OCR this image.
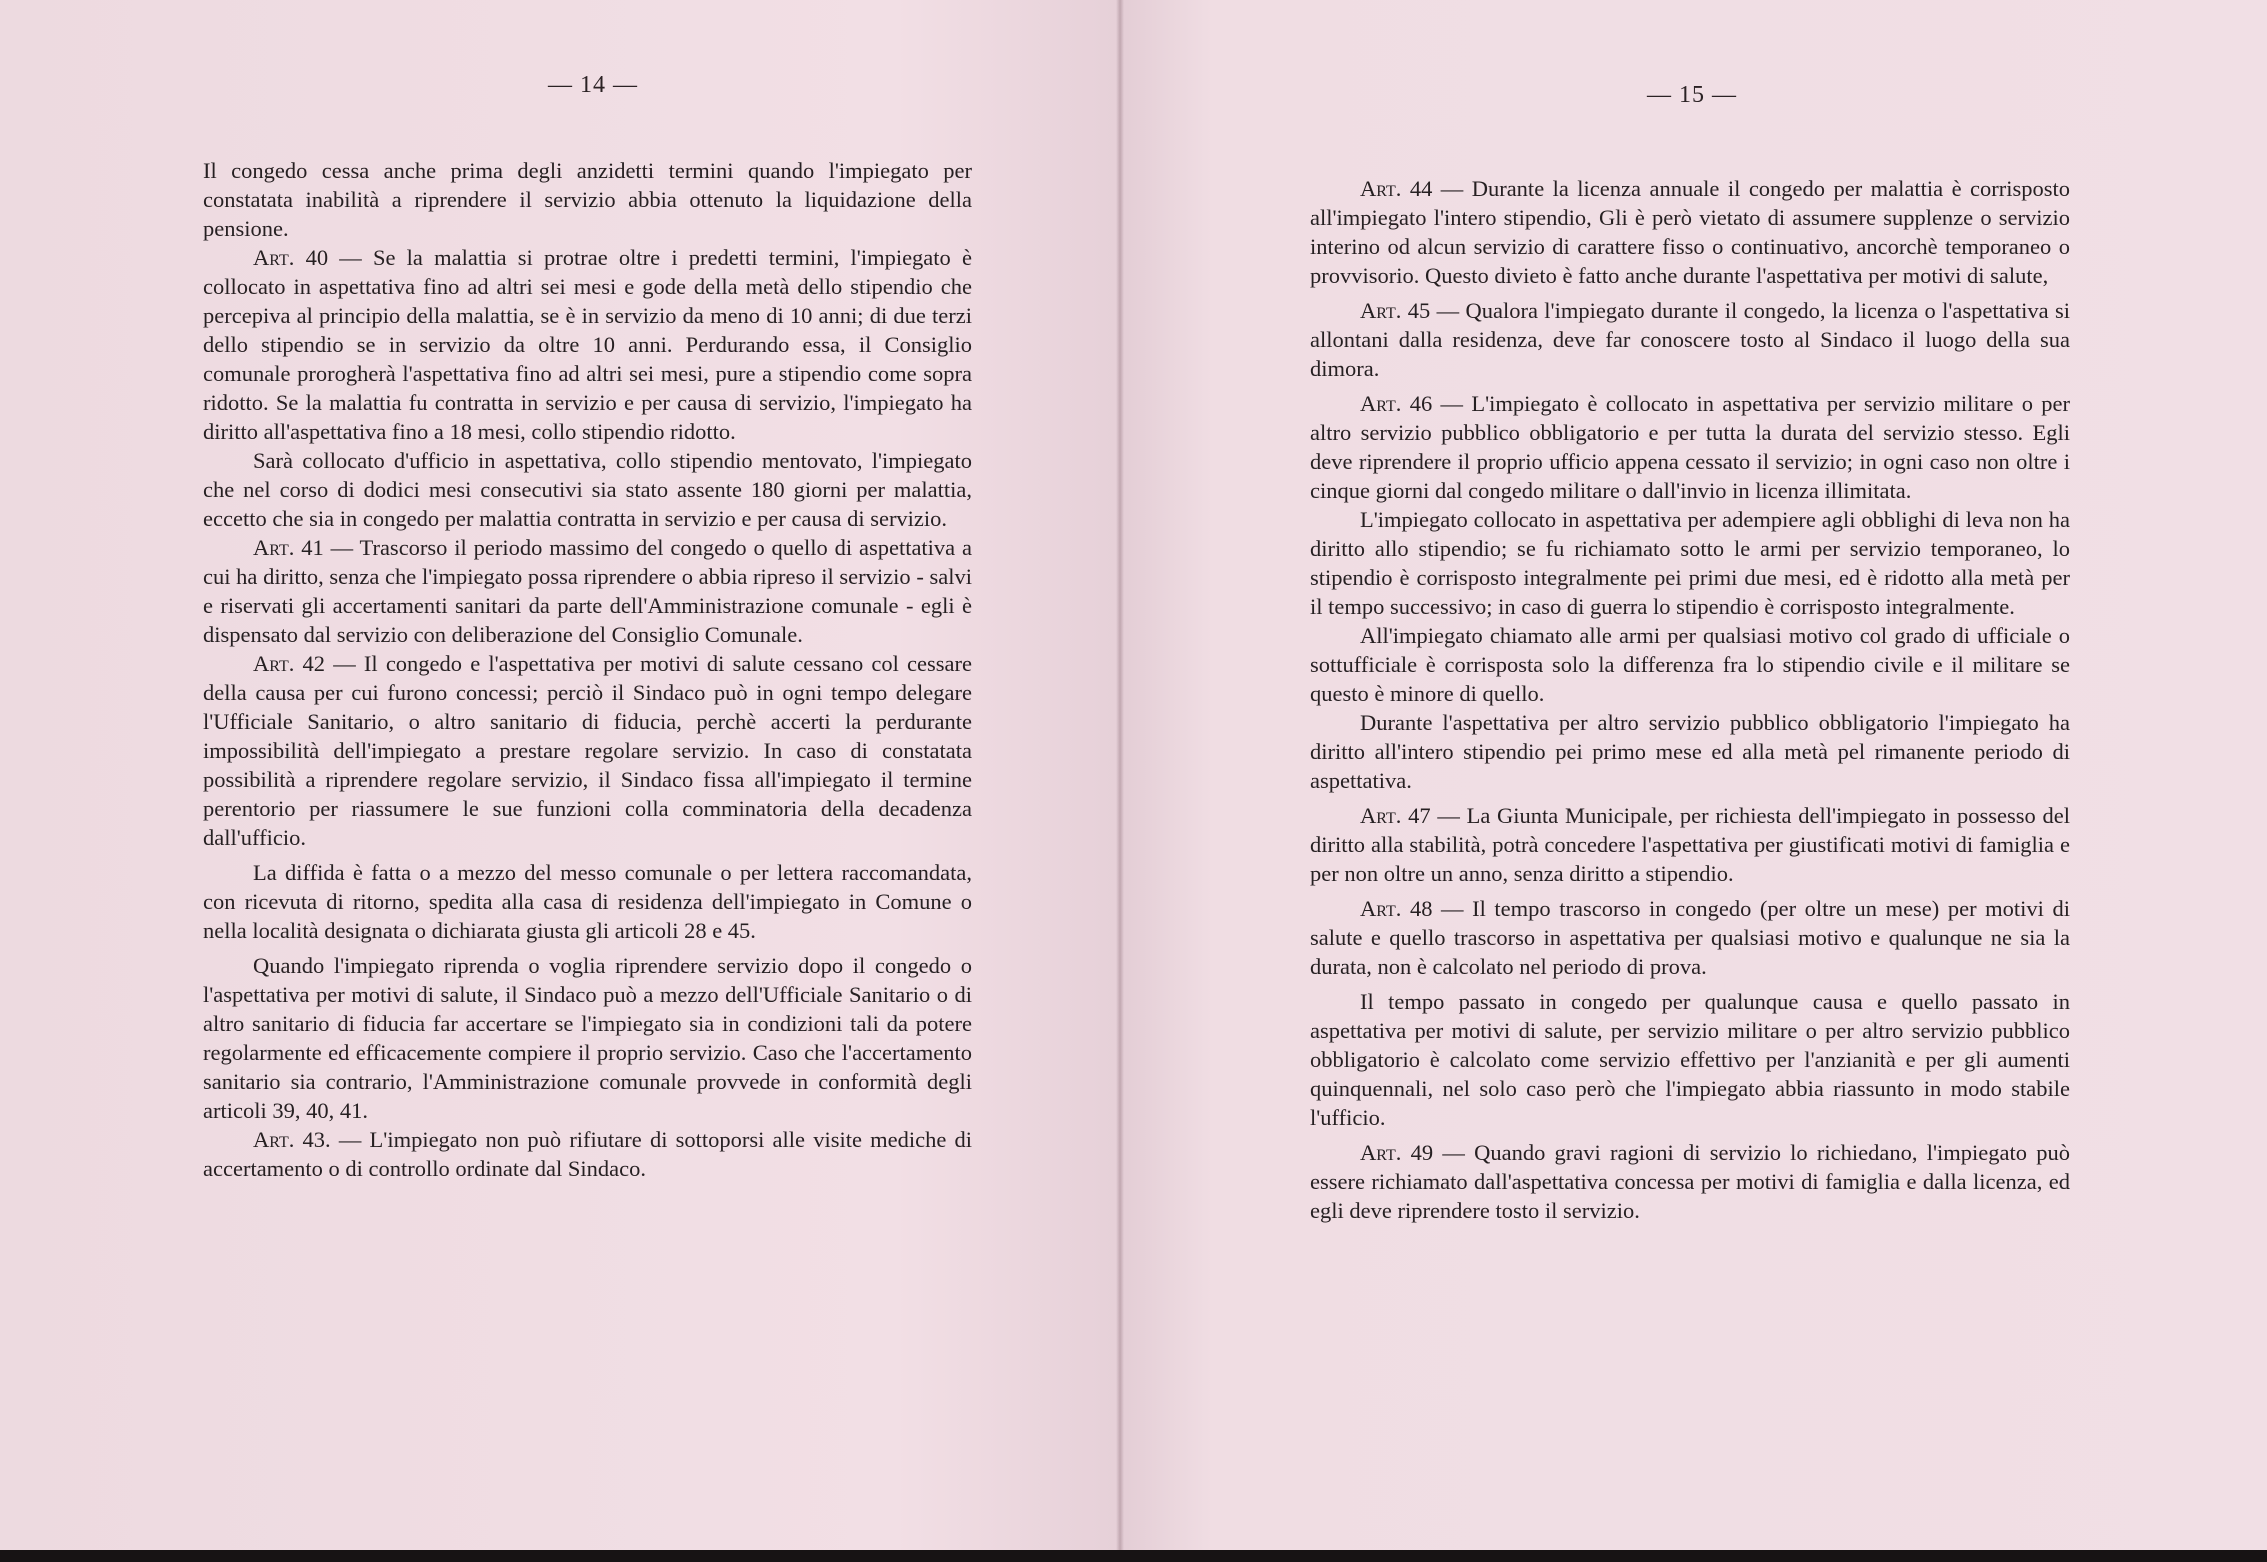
— 14 —

Il congedo cessa anche prima degli anzidetti termini quando l'impiegato per constatata inabilità a riprendere il servizio abbia ottenuto la liquidazione della pensione.

Art. 40 — Se la malattia si protrae oltre i predetti termini, l'impiegato è collocato in aspettativa fino ad altri sei mesi e gode della metà dello stipendio che percepiva al principio della malattia, se è in servizio da meno di 10 anni; di due terzi dello stipendio se in servizio da oltre 10 anni. Perdurando essa, il Consiglio comunale prorogherà l'aspettativa fino ad altri sei mesi, pure a stipendio come sopra ridotto. Se la malattia fu contratta in servizio e per causa di servizio, l'impiegato ha diritto all'aspettativa fino a 18 mesi, collo stipendio ridotto.

Sarà collocato d'ufficio in aspettativa, collo stipendio mentovato, l'impiegato che nel corso di dodici mesi consecutivi sia stato assente 180 giorni per malattia, eccetto che sia in congedo per malattia contratta in servizio e per causa di servizio.

Art. 41 — Trascorso il periodo massimo del congedo o quello di aspettativa a cui ha diritto, senza che l'impiegato possa riprendere o abbia ripreso il servizio - salvi e riservati gli accertamenti sanitari da parte dell'Amministrazione comunale - egli è dispensato dal servizio con deliberazione del Consiglio Comunale.

Art. 42 — Il congedo e l'aspettativa per motivi di salute cessano col cessare della causa per cui furono concessi; perciò il Sindaco può in ogni tempo delegare l'Ufficiale Sanitario, o altro sanitario di fiducia, perchè accerti la perdurante impossibilità dell'impiegato a prestare regolare servizio. In caso di constatata possibilità a riprendere regolare servizio, il Sindaco fissa all'impiegato il termine perentorio per riassumere le sue funzioni colla comminatoria della decadenza dall'ufficio.

La diffida è fatta o a mezzo del messo comunale o per lettera raccomandata, con ricevuta di ritorno, spedita alla casa di residenza dell'impiegato in Comune o nella località designata o dichiarata giusta gli articoli 28 e 45.

Quando l'impiegato riprenda o voglia riprendere servizio dopo il congedo o l'aspettativa per motivi di salute, il Sindaco può a mezzo dell'Ufficiale Sanitario o di altro sanitario di fiducia far accertare se l'impiegato sia in condizioni tali da potere regolarmente ed efficacemente compiere il proprio servizio. Caso che l'accertamento sanitario sia contrario, l'Amministrazione comunale provvede in conformità degli articoli 39, 40, 41.

Art. 43. — L'impiegato non può rifiutare di sottoporsi alle visite mediche di accertamento o di controllo ordinate dal Sindaco.

— 15 —

Art. 44 — Durante la licenza annuale il congedo per malattia è corrisposto all'impiegato l'intero stipendio, Gli è però vietato di assumere supplenze o servizio interino od alcun servizio di carattere fisso o continuativo, ancorchè temporaneo o provvisorio. Questo divieto è fatto anche durante l'aspettativa per motivi di salute,

Art. 45 — Qualora l'impiegato durante il congedo, la licenza o l'aspettativa si allontani dalla residenza, deve far conoscere tosto al Sindaco il luogo della sua dimora.

Art. 46 — L'impiegato è collocato in aspettativa per servizio militare o per altro servizio pubblico obbligatorio e per tutta la durata del servizio stesso. Egli deve riprendere il proprio ufficio appena cessato il servizio; in ogni caso non oltre i cinque giorni dal congedo militare o dall'invio in licenza illimitata.

L'impiegato collocato in aspettativa per adempiere agli obblighi di leva non ha diritto allo stipendio; se fu richiamato sotto le armi per servizio temporaneo, lo stipendio è corrisposto integralmente pei primi due mesi, ed è ridotto alla metà per il tempo successivo; in caso di guerra lo stipendio è corrisposto integralmente.

All'impiegato chiamato alle armi per qualsiasi motivo col grado di ufficiale o sottufficiale è corrisposta solo la differenza fra lo stipendio civile e il militare se questo è minore di quello.

Durante l'aspettativa per altro servizio pubblico obbligatorio l'impiegato ha diritto all'intero stipendio pei primo mese ed alla metà pel rimanente periodo di aspettativa.

Art. 47 — La Giunta Municipale, per richiesta dell'impiegato in possesso del diritto alla stabilità, potrà concedere l'aspettativa per giustificati motivi di famiglia e per non oltre un anno, senza diritto a stipendio.

Art. 48 — Il tempo trascorso in congedo (per oltre un mese) per motivi di salute e quello trascorso in aspettativa per qualsiasi motivo e qualunque ne sia la durata, non è calcolato nel periodo di prova.

Il tempo passato in congedo per qualunque causa e quello passato in aspettativa per motivi di salute, per servizio militare o per altro servizio pubblico obbligatorio è calcolato come servizio effettivo per l'anzianità e per gli aumenti quinquennali, nel solo caso però che l'impiegato abbia riassunto in modo stabile l'ufficio.

Art. 49 — Quando gravi ragioni di servizio lo richiedano, l'impiegato può essere richiamato dall'aspettativa concessa per motivi di famiglia e dalla licenza, ed egli deve riprendere tosto il servizio.
